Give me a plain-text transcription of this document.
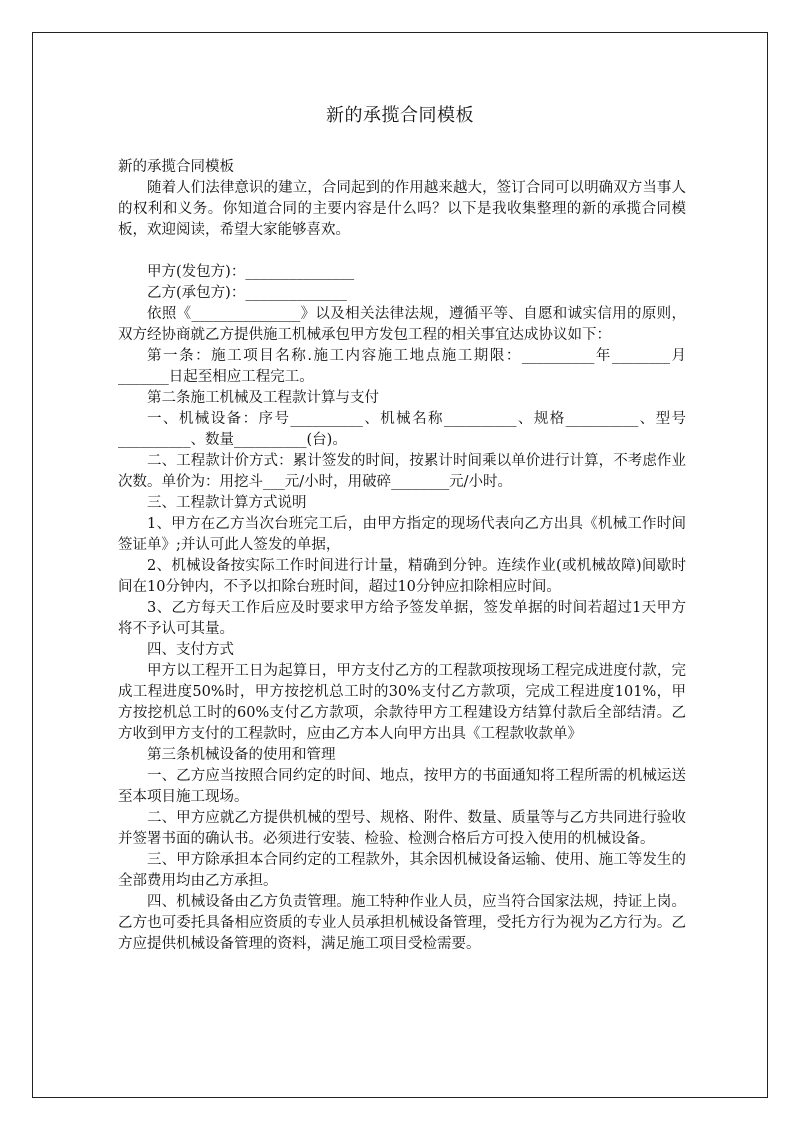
新的承揽合同模板

新的承揽合同模板

随着人们法律意识的建立，合同起到的作用越来越大，签订合同可以明确双方当事人的权利和义务。你知道合同的主要内容是什么吗？以下是我收集整理的新的承揽合同模板，欢迎阅读，希望大家能够喜欢。

甲方(发包方)：_______________

乙方(承包方)：______________

依照《_______________》以及相关法律法规，遵循平等、自愿和诚实信用的原则，双方经协商就乙方提供施工机械承包甲方发包工程的相关事宜达成协议如下：

第一条：施工项目名称.施工内容施工地点施工期限：__________年________月_______日起至相应工程完工。

第二条施工机械及工程款计算与支付

一、机械设备：序号__________、机械名称__________、规格__________、型号__________、数量__________(台)。

二、工程款计价方式：累计签发的时间，按累计时间乘以单价进行计算，不考虑作业次数。单价为：用挖斗___元/小时，用破碎________元/小时。

三、工程款计算方式说明

1、甲方在乙方当次台班完工后，由甲方指定的现场代表向乙方出具《机械工作时间签证单》;并认可此人签发的单据，

2、机械设备按实际工作时间进行计量，精确到分钟。连续作业(或机械故障)间歇时间在10分钟内，不予以扣除台班时间，超过10分钟应扣除相应时间。

3、乙方每天工作后应及时要求甲方给予签发单据，签发单据的时间若超过1天甲方将不予认可其量。

四、支付方式

甲方以工程开工日为起算日，甲方支付乙方的工程款项按现场工程完成进度付款，完成工程进度50%时，甲方按挖机总工时的30%支付乙方款项，完成工程进度101%，甲方按挖机总工时的60%支付乙方款项，余款待甲方工程建设方结算付款后全部结清。乙方收到甲方支付的工程款时，应由乙方本人向甲方出具《工程款收款单》

第三条机械设备的使用和管理

一、乙方应当按照合同约定的时间、地点，按甲方的书面通知将工程所需的机械运送至本项目施工现场。

二、甲方应就乙方提供机械的型号、规格、附件、数量、质量等与乙方共同进行验收并签署书面的确认书。必须进行安装、检验、检测合格后方可投入使用的机械设备。

三、甲方除承担本合同约定的工程款外，其余因机械设备运输、使用、施工等发生的全部费用均由乙方承担。

四、机械设备由乙方负责管理。施工特种作业人员，应当符合国家法规，持证上岗。乙方也可委托具备相应资质的专业人员承担机械设备管理，受托方行为视为乙方行为。乙方应提供机械设备管理的资料，满足施工项目受检需要。
